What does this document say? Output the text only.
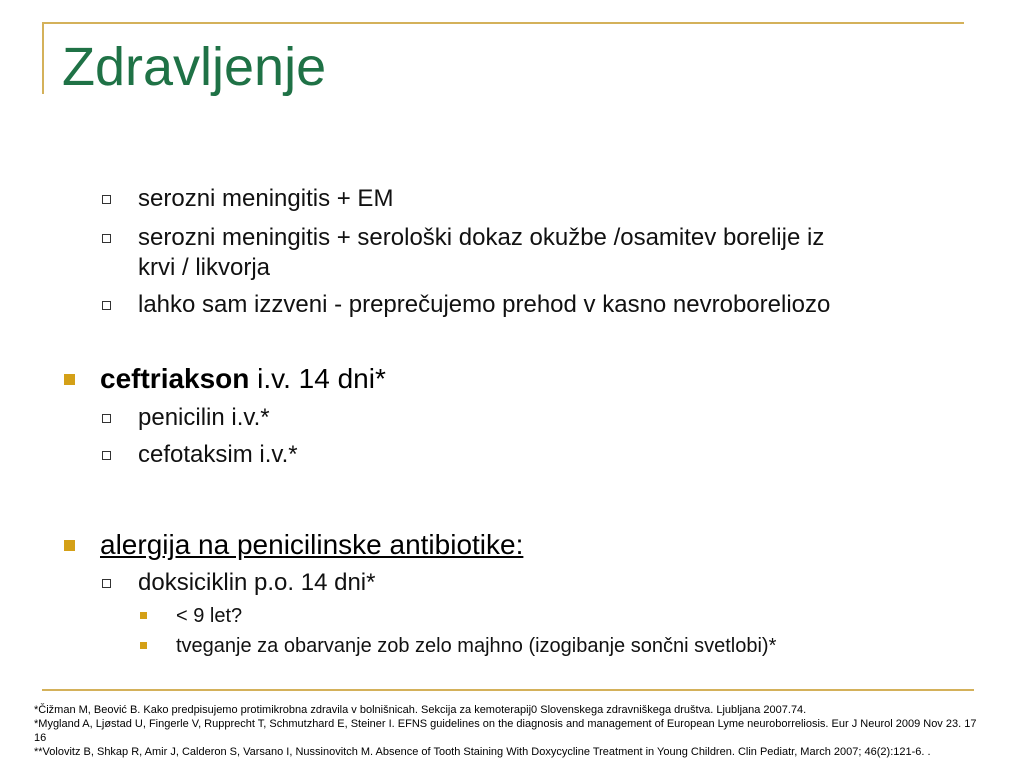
Zdravljenje
serozni meningitis + EM
serozni meningitis + serološki dokaz okužbe /osamitev borelije iz
krvi / likvorja
lahko sam izzveni - preprečujemo prehod v kasno nevroboreliozo
ceftriakson i.v. 14 dni*
penicilin i.v.*
cefotaksim i.v.*
alergija na penicilinske antibiotike:
doksiciklin p.o. 14 dni*
< 9 let?
tveganje za obarvanje zob zelo majhno (izogibanje sončni svetlobi)*
*Čižman M, Beović B. Kako predpisujemo protimikrobna zdravila v bolnišnicah. Sekcija za kemoterapij0 Slovenskega zdravniškega društva. Ljubljana 2007.74.
*Mygland A, Ljøstad U, Fingerle V, Rupprecht T, Schmutzhard E, Steiner I. EFNS guidelines on the diagnosis and management of European Lyme neuroborreliosis. Eur J Neurol 2009 Nov 23. 17
16
**Volovitz B, Shkap R, Amir J, Calderon S, Varsano I, Nussinovitch M. Absence of Tooth Staining With Doxycycline Treatment in Young Children. Clin Pediatr, March 2007; 46(2):121-6. .
